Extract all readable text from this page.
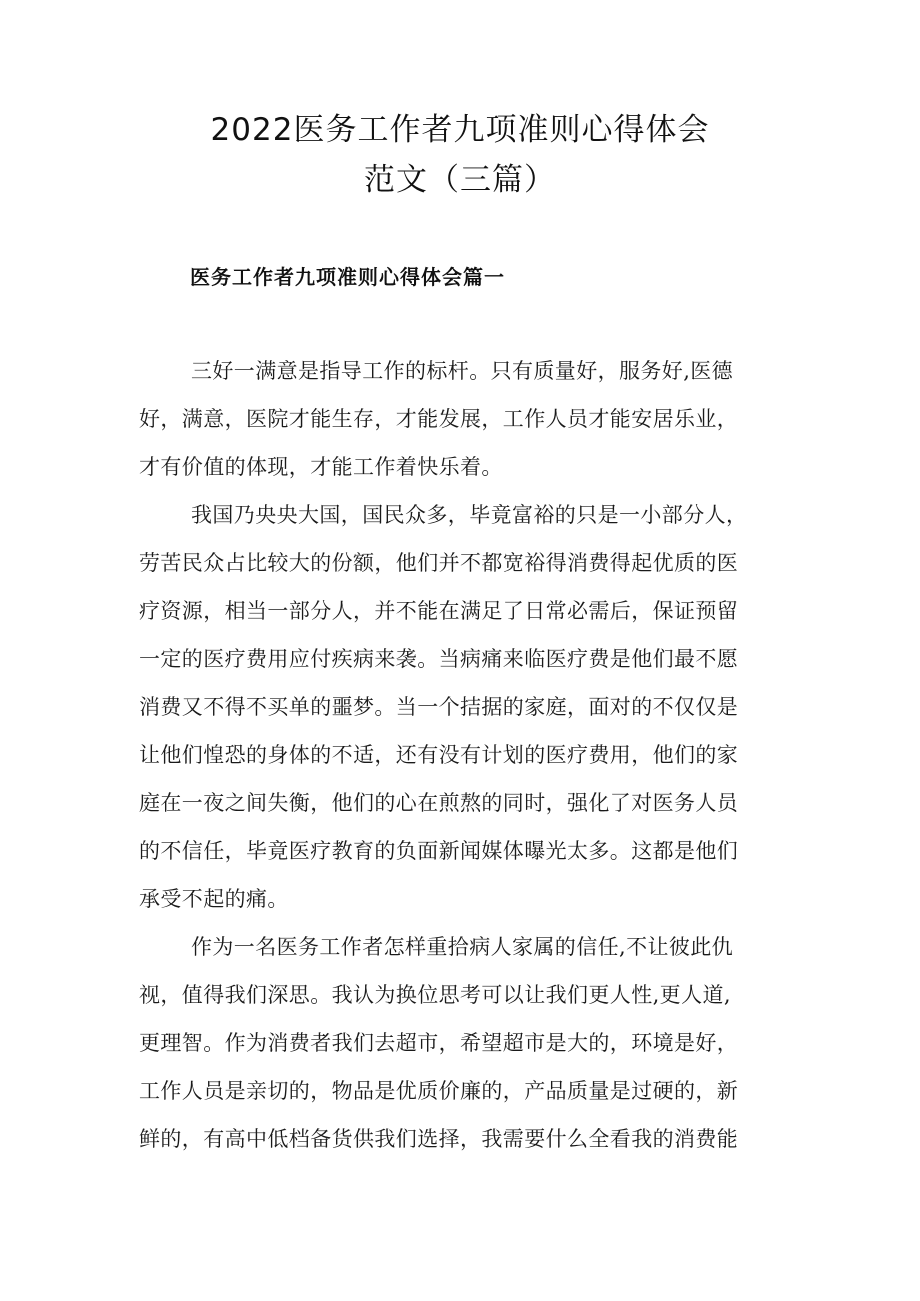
2022医务工作者九项准则心得体会
范文（三篇）
医务工作者九项准则心得体会篇一
三好一满意是指导工作的标杆。只有质量好，服务好,医德
好，满意，医院才能生存，才能发展，工作人员才能安居乐业，
才有价值的体现，才能工作着快乐着。
我国乃央央大国，国民众多，毕竟富裕的只是一小部分人，
劳苦民众占比较大的份额，他们并不都宽裕得消费得起优质的医
疗资源，相当一部分人，并不能在满足了日常必需后，保证预留
一定的医疗费用应付疾病来袭。当病痛来临医疗费是他们最不愿
消费又不得不买单的噩梦。当一个拮据的家庭，面对的不仅仅是
让他们惶恐的身体的不适，还有没有计划的医疗费用，他们的家
庭在一夜之间失衡，他们的心在煎熬的同时，强化了对医务人员
的不信任，毕竟医疗教育的负面新闻媒体曝光太多。这都是他们
承受不起的痛。
作为一名医务工作者怎样重拾病人家属的信任,不让彼此仇
视，值得我们深思。我认为换位思考可以让我们更人性,更人道,
更理智。作为消费者我们去超市，希望超市是大的，环境是好，
工作人员是亲切的，物品是优质价廉的，产品质量是过硬的，新
鲜的，有高中低档备货供我们选择，我需要什么全看我的消费能
